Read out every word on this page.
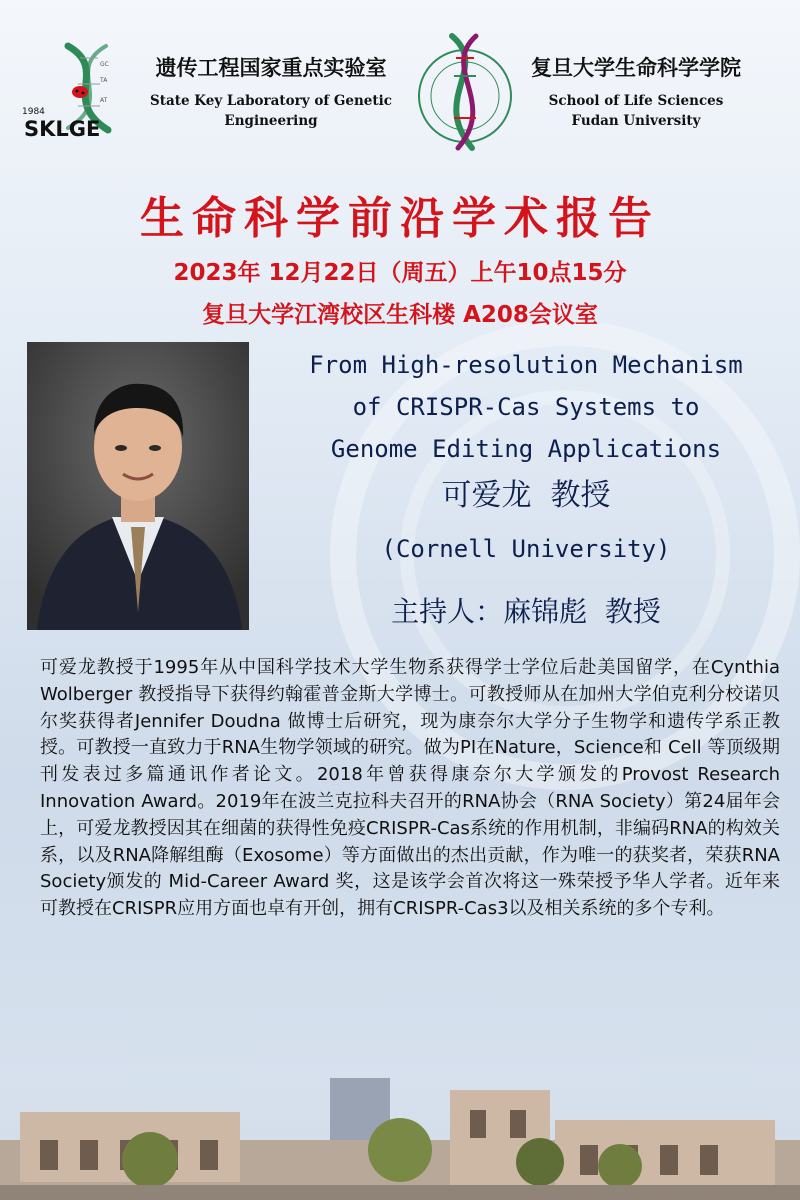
GC
TA
AT
1984
SKLGE
遗传工程国家重点实验室
State Key Laboratory of Genetic
Engineering
复旦大学生命科学学院
School of Life Sciences
Fudan University
生命科学前沿学术报告
2023年 12月22日（周五）上午10点15分
复旦大学江湾校区生科楼 A208会议室
From High-resolution Mechanism
of CRISPR-Cas Systems to
Genome Editing Applications
可爱龙  教授
(Cornell University)
主持人：麻锦彪  教授
可爱龙教授于1995年从中国科学技术大学生物系获得学士学位后赴美国留学，在Cynthia Wolberger 教授指导下获得约翰霍普金斯大学博士。可教授师从在加州大学伯克利分校诺贝尔奖获得者Jennifer Doudna 做博士后研究，现为康奈尔大学分子生物学和遗传学系正教授。可教授一直致力于RNA生物学领域的研究。做为PI在Nature，Science和 Cell 等顶级期刊发表过多篇通讯作者论文。2018年曾获得康奈尔大学颁发的Provost Research Innovation Award。2019年在波兰克拉科夫召开的RNA协会（RNA Society）第24届年会上，可爱龙教授因其在细菌的获得性免疫CRISPR-Cas系统的作用机制，非编码RNA的构效关系，以及RNA降解组酶（Exosome）等方面做出的杰出贡献，作为唯一的获奖者，荣获RNA Society颁发的 Mid-Career Award 奖，这是该学会首次将这一殊荣授予华人学者。近年来可教授在CRISPR应用方面也卓有开创，拥有CRISPR-Cas3以及相关系统的多个专利。
